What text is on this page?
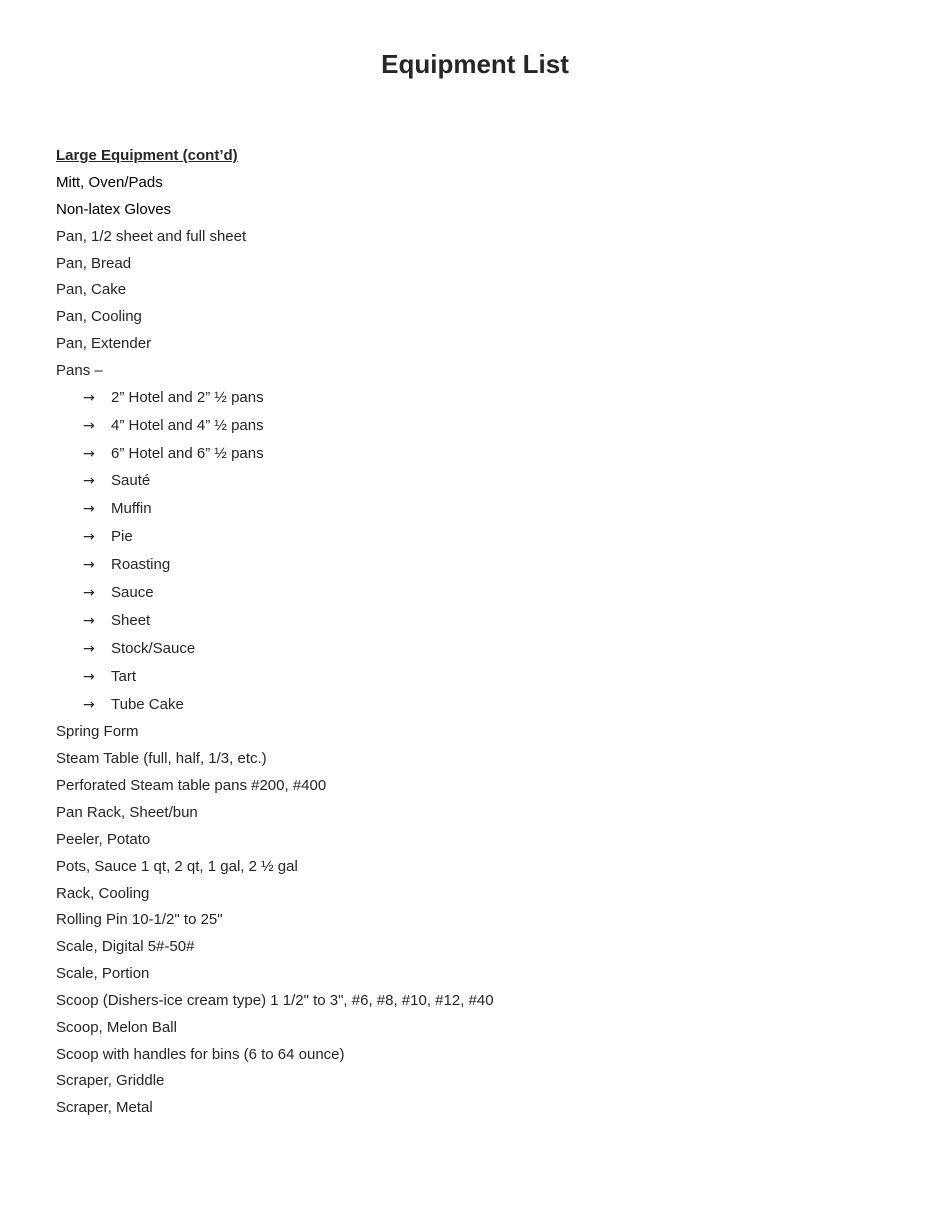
Equipment List
Large Equipment (cont’d)
Mitt, Oven/Pads
Non-latex Gloves
Pan, 1/2 sheet and full sheet
Pan, Bread
Pan, Cake
Pan, Cooling
Pan, Extender
Pans –
→ 2” Hotel and 2” ½ pans
→ 4” Hotel and 4” ½ pans
→ 6” Hotel and 6” ½ pans
→ Sauté
→ Muffin
→ Pie
→ Roasting
→ Sauce
→ Sheet
→ Stock/Sauce
→ Tart
→ Tube Cake
Spring Form
Steam Table (full, half, 1/3, etc.)
Perforated Steam table pans #200, #400
Pan Rack, Sheet/bun
Peeler, Potato
Pots, Sauce 1 qt, 2 qt, 1 gal, 2 ½ gal
Rack, Cooling
Rolling Pin 10-1/2" to 25"
Scale, Digital 5#-50#
Scale, Portion
Scoop (Dishers-ice cream type) 1 1/2" to 3", #6, #8, #10, #12, #40
Scoop, Melon Ball
Scoop with handles for bins (6 to 64 ounce)
Scraper, Griddle
Scraper, Metal
